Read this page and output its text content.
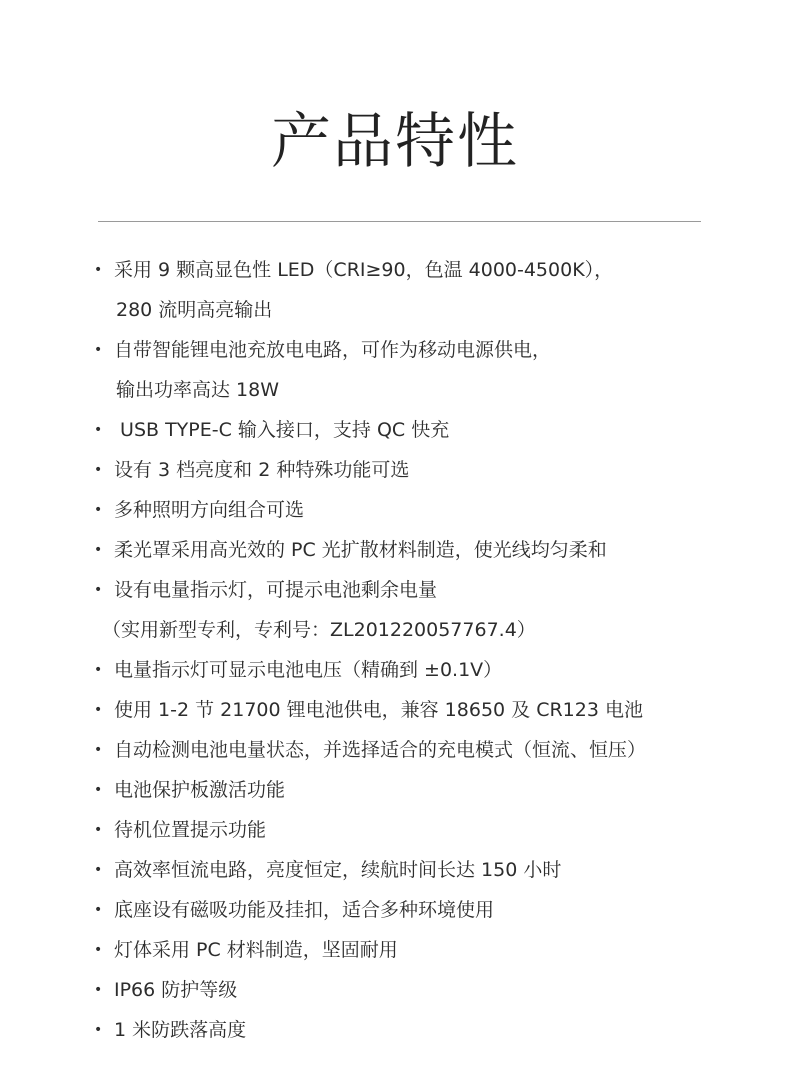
产品特性
• 采用 9 颗高显色性 LED（CRI≥90，色温 4000-4500K），
280 流明高亮输出
• 自带智能锂电池充放电电路，可作为移动电源供电，
输出功率高达 18W
• USB TYPE-C 输入接口，支持 QC 快充
• 设有 3 档亮度和 2 种特殊功能可选
• 多种照明方向组合可选
• 柔光罩采用高光效的 PC 光扩散材料制造，使光线均匀柔和
• 设有电量指示灯，可提示电池剩余电量
（实用新型专利，专利号：ZL201220057767.4）
• 电量指示灯可显示电池电压（精确到 ±0.1V）
• 使用 1-2 节 21700 锂电池供电，兼容 18650 及 CR123 电池
• 自动检测电池电量状态，并选择适合的充电模式（恒流、恒压）
• 电池保护板激活功能
• 待机位置提示功能
• 高效率恒流电路，亮度恒定，续航时间长达 150 小时
• 底座设有磁吸功能及挂扣，适合多种环境使用
• 灯体采用 PC 材料制造，坚固耐用
• IP66 防护等级
• 1 米防跌落高度
